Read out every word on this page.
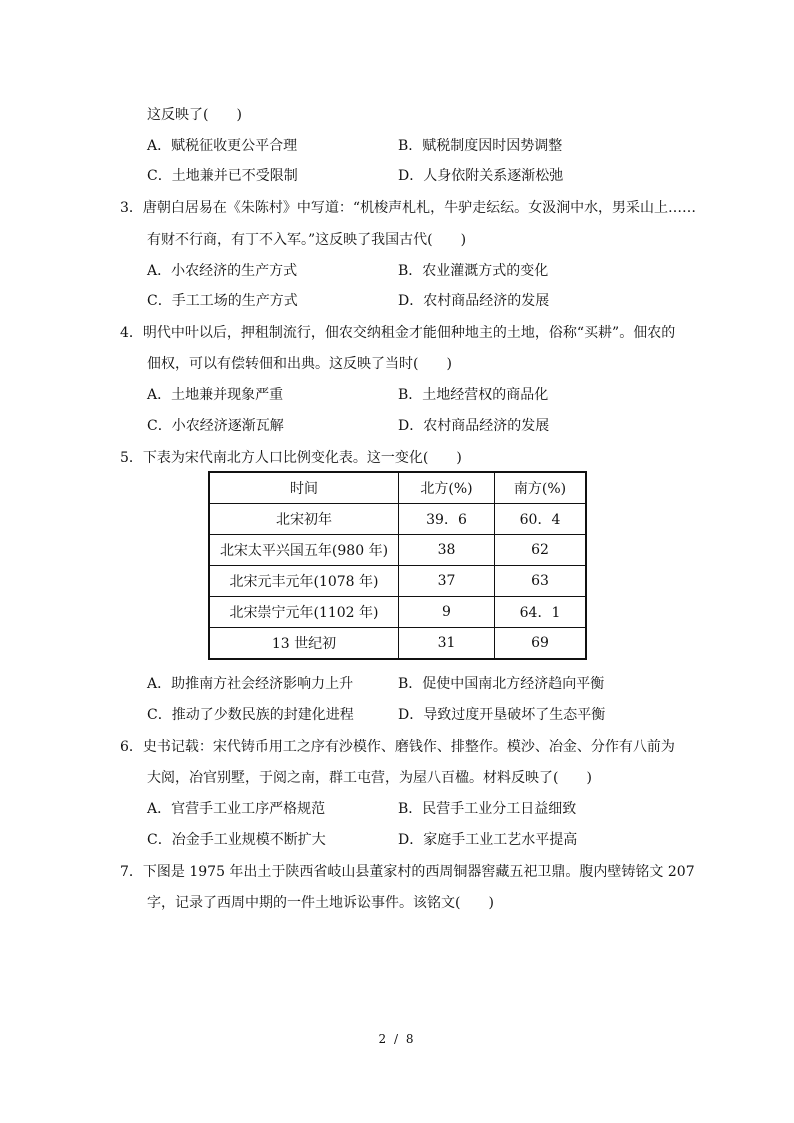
这反映了(　　)
A．赋税征收更公平合理	B．赋税制度因时因势调整
C．土地兼并已不受限制	D．人身依附关系逐渐松弛
3．唐朝白居易在《朱陈村》中写道：“机梭声札札，牛驴走纭纭。女汲涧中水，男采山上……
有财不行商，有丁不入军。”这反映了我国古代(　　)
A．小农经济的生产方式	B．农业灌溉方式的变化
C．手工工场的生产方式	D．农村商品经济的发展
4．明代中叶以后，押租制流行，佃农交纳租金才能佃种地主的土地，俗称“买耕”。佃农的
佃权，可以有偿转佃和出典。这反映了当时(　　)
A．土地兼并现象严重	B．土地经营权的商品化
C．小农经济逐渐瓦解	D．农村商品经济的发展
5．下表为宋代南北方人口比例变化表。这一变化(　　)
时间	北方(%)	南方(%)
北宋初年	39．6	60．4
北宋太平兴国五年(980 年)	38	62
北宋元丰元年(1078 年)	37	63
北宋崇宁元年(1102 年)	9	64．1
13 世纪初	31	69
A．助推南方社会经济影响力上升	B．促使中国南北方经济趋向平衡
C．推动了少数民族的封建化进程	D．导致过度开垦破坏了生态平衡
6．史书记载：宋代铸币用工之序有沙模作、磨钱作、排整作。模沙、冶金、分作有八前为
大阅，冶官别墅，于阅之南，群工屯营，为屋八百楹。材料反映了(　　)
A．官营手工业工序严格规范	B．民营手工业分工日益细致
C．冶金手工业规模不断扩大	D．家庭手工业工艺水平提高
7．下图是 1975 年出土于陕西省岐山县董家村的西周铜器窖藏五祀卫鼎。腹内壁铸铭文 207
字，记录了西周中期的一件土地诉讼事件。该铭文(　　)
2 / 8
